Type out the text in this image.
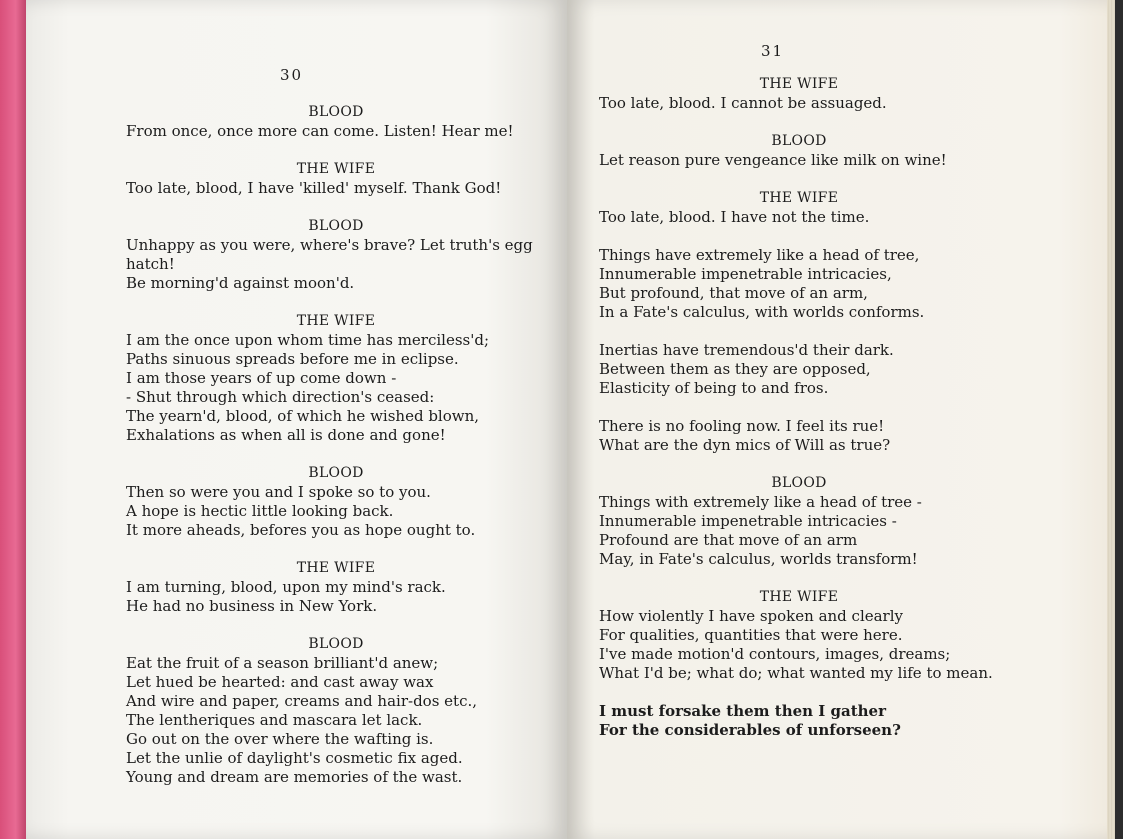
30
BLOOD
From once, once more can come. Listen! Hear me!
THE WIFE
Too late, blood, I have 'killed' myself. Thank God!
BLOOD
Unhappy as you were, where's brave? Let truth's egg
hatch!
Be morning'd against moon'd.
THE WIFE
I am the once upon whom time has merciless'd;
Paths sinuous spreads before me in eclipse.
I am those years of up come down -
- Shut through which direction's ceased:
The yearn'd, blood, of which he wished blown,
Exhalations as when all is done and gone!
BLOOD
Then so were you and I spoke so to you.
A hope is hectic little looking back.
It more aheads, befores you as hope ought to.
THE WIFE
I am turning, blood, upon my mind's rack.
He had no business in New York.
BLOOD
Eat the fruit of a season brilliant'd anew;
Let hued be hearted: and cast away wax
And wire and paper, creams and hair-dos etc.,
The lentheriques and mascara let lack.
Go out on the over where the wafting is.
Let the unlie of daylight's cosmetic fix aged.
Young and dream are memories of the wast.
31
THE WIFE
Too late, blood. I cannot be assuaged.
BLOOD
Let reason pure vengeance like milk on wine!
THE WIFE
Too late, blood. I have not the time.
Things have extremely like a head of tree,
Innumerable impenetrable intricacies,
But profound, that move of an arm,
In a Fate's calculus, with worlds conforms.
Inertias have tremendous'd their dark.
Between them as they are opposed,
Elasticity of being to and fros.
There is no fooling now. I feel its rue!
What are the dyn mics of Will as true?
BLOOD
Things with extremely like a head of tree -
Innumerable impenetrable intricacies -
Profound are that move of an arm
May, in Fate's calculus, worlds transform!
THE WIFE
How violently I have spoken and clearly
For qualities, quantities that were here.
I've made motion'd contours, images, dreams;
What I'd be; what do; what wanted my life to mean.
I must forsake them then I gather
For the considerables of unforseen?
